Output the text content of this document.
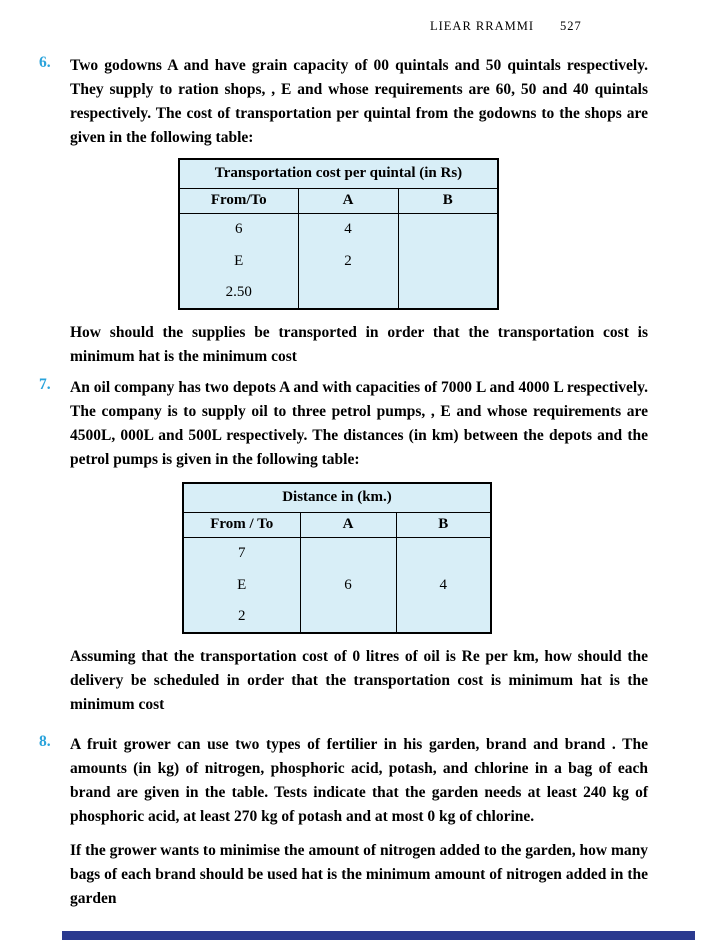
LIEAR RRAMMI 527
6. Two godowns A and have grain capacity of 00 quintals and 50 quintals respectively. They supply to ration shops, , E and whose requirements are 60, 50 and 40 quintals respectively. The cost of transportation per quintal from the godowns to the shops are given in the following table:

Transportation cost per quintal (in Rs)		
From/To	A	B
6	4	
E	2	
2.50		

How should the supplies be transported in order that the transportation cost is minimum hat is the minimum cost

7. An oil company has two depots A and with capacities of 7000 L and 4000 L respectively. The company is to supply oil to three petrol pumps, , E and whose requirements are 4500L, 000L and 500L respectively. The distances (in km) between the depots and the petrol pumps is given in the following table:

Distance in (km.)		
From / To	A	B
7		
E	6	4
2		

Assuming that the transportation cost of 0 litres of oil is Re per km, how should the delivery be scheduled in order that the transportation cost is minimum hat is the minimum cost

8. A fruit grower can use two types of fertilier in his garden, brand and brand . The amounts (in kg) of nitrogen, phosphoric acid, potash, and chlorine in a bag of each brand are given in the table. Tests indicate that the garden needs at least 240 kg of phosphoric acid, at least 270 kg of potash and at most 0 kg of chlorine.

If the grower wants to minimise the amount of nitrogen added to the garden, how many bags of each brand should be used hat is the minimum amount of nitrogen added in the garden
